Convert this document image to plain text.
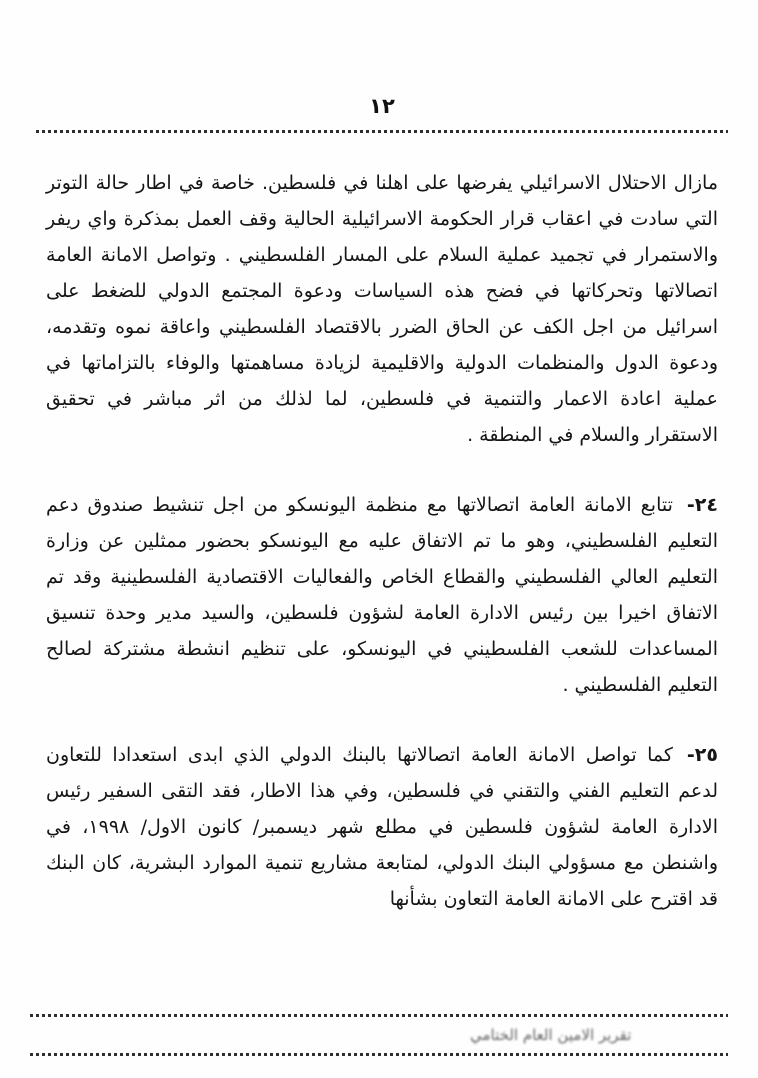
١٢

مازال الاحتلال الاسرائيلي يفرضها على اهلنا في فلسطين. خاصة في اطار حالة التوتر التي سادت في اعقاب قرار الحكومة الاسرائيلية الحالية وقف العمل بمذكرة واي ريفر والاستمرار في تجميد عملية السلام على المسار الفلسطيني . وتواصل الامانة العامة اتصالاتها وتحركاتها في فضح هذه السياسات ودعوة المجتمع الدولي للضغط على اسرائيل من اجل الكف عن الحاق الضرر بالاقتصاد الفلسطيني واعاقة نموه وتقدمه، ودعوة الدول والمنظمات الدولية والاقليمية لزيادة مساهمتها والوفاء بالتزاماتها في عملية اعادة الاعمار والتنمية في فلسطين، لما لذلك من اثر مباشر في تحقيق الاستقرار والسلام في المنطقة .

٢٤-تتابع الامانة العامة اتصالاتها مع منظمة اليونسكو من اجل تنشيط صندوق دعم التعليم الفلسطيني، وهو ما تم الاتفاق عليه مع اليونسكو بحضور ممثلين عن وزارة التعليم العالي الفلسطيني والقطاع الخاص والفعاليات الاقتصادية الفلسطينية وقد تم الاتفاق اخيرا بين رئيس الادارة العامة لشؤون فلسطين، والسيد مدير وحدة تنسيق المساعدات للشعب الفلسطيني في اليونسكو، على تنظيم انشطة مشتركة لصالح التعليم الفلسطيني .

٢٥-كما تواصل الامانة العامة اتصالاتها بالبنك الدولي الذي ابدى استعدادا للتعاون لدعم التعليم الفني والتقني في فلسطين، وفي هذا الاطار، فقد التقى السفير رئيس الادارة العامة لشؤون فلسطين في مطلع شهر ديسمبر/ كانون الاول/ ١٩٩٨، في واشنطن مع مسؤولي البنك الدولي، لمتابعة مشاريع تنمية الموارد البشرية، كان البنك قد اقترح على الامانة العامة التعاون بشأنها

تقرير الامين العام الختامي
